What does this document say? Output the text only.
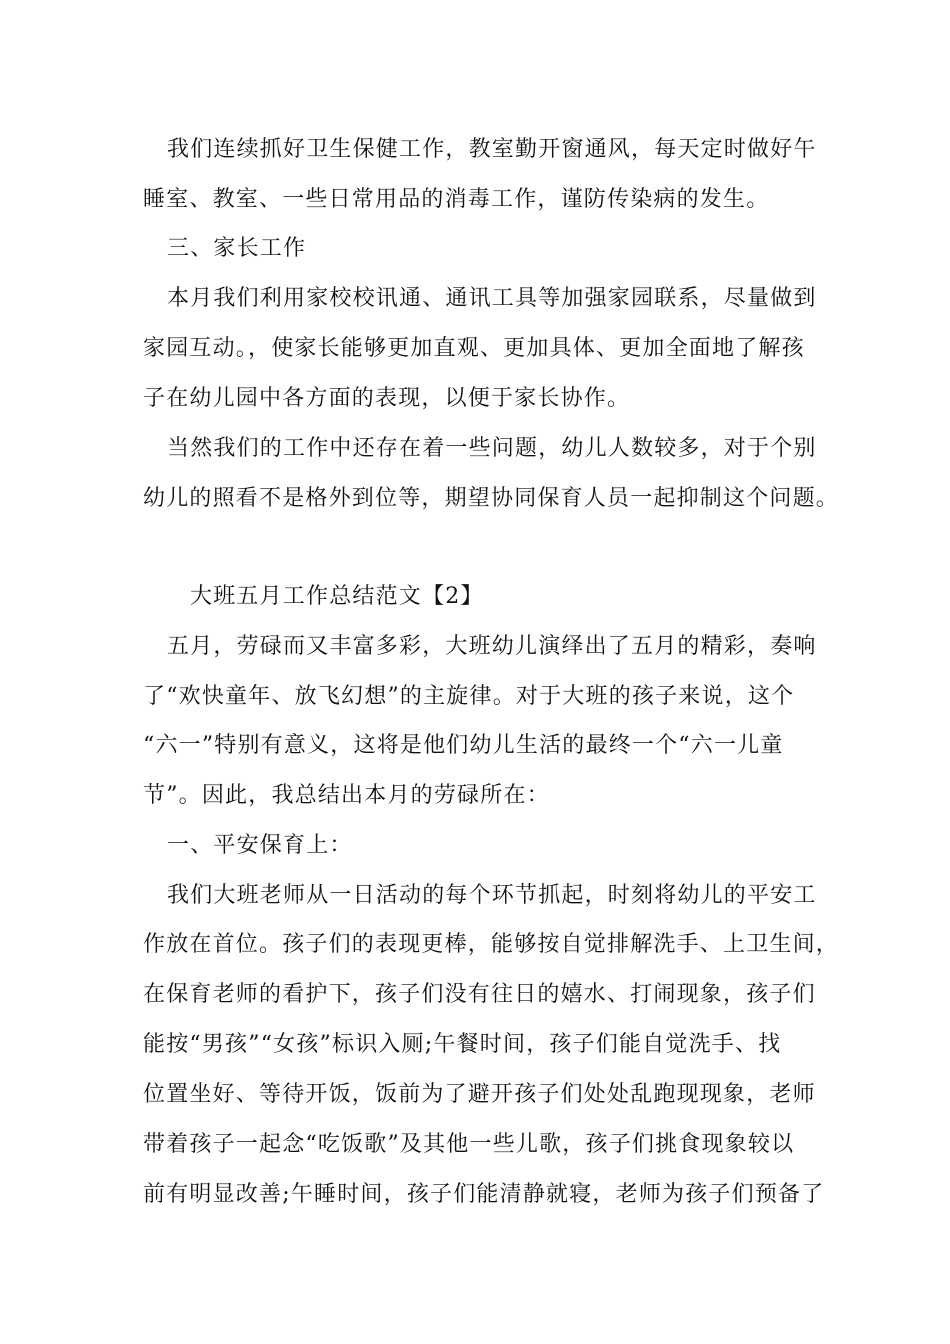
我们连续抓好卫生保健工作，教室勤开窗通风，每天定时做好午
睡室、教室、一些日常用品的消毒工作，谨防传染病的发生。
三、家长工作
本月我们利用家校校讯通、通讯工具等加强家园联系，尽量做到
家园互动。，使家长能够更加直观、更加具体、更加全面地了解孩
子在幼儿园中各方面的表现，以便于家长协作。
当然我们的工作中还存在着一些问题，幼儿人数较多，对于个别
幼儿的照看不是格外到位等，期望协同保育人员一起抑制这个问题。
大班五月工作总结范文【2】
五月，劳碌而又丰富多彩，大班幼儿演绎出了五月的精彩，奏响
了“欢快童年、放飞幻想”的主旋律。对于大班的孩子来说，这个
“六一”特别有意义，这将是他们幼儿生活的最终一个“六一儿童
节”。因此，我总结出本月的劳碌所在：
一、平安保育上：
我们大班老师从一日活动的每个环节抓起，时刻将幼儿的平安工
作放在首位。孩子们的表现更棒，能够按自觉排解洗手、上卫生间，
在保育老师的看护下，孩子们没有往日的嬉水、打闹现象，孩子们
能按“男孩”“女孩”标识入厕;午餐时间，孩子们能自觉洗手、找
位置坐好、等待开饭，饭前为了避开孩子们处处乱跑现现象，老师
带着孩子一起念“吃饭歌”及其他一些儿歌，孩子们挑食现象较以
前有明显改善;午睡时间，孩子们能清静就寝，老师为孩子们预备了
